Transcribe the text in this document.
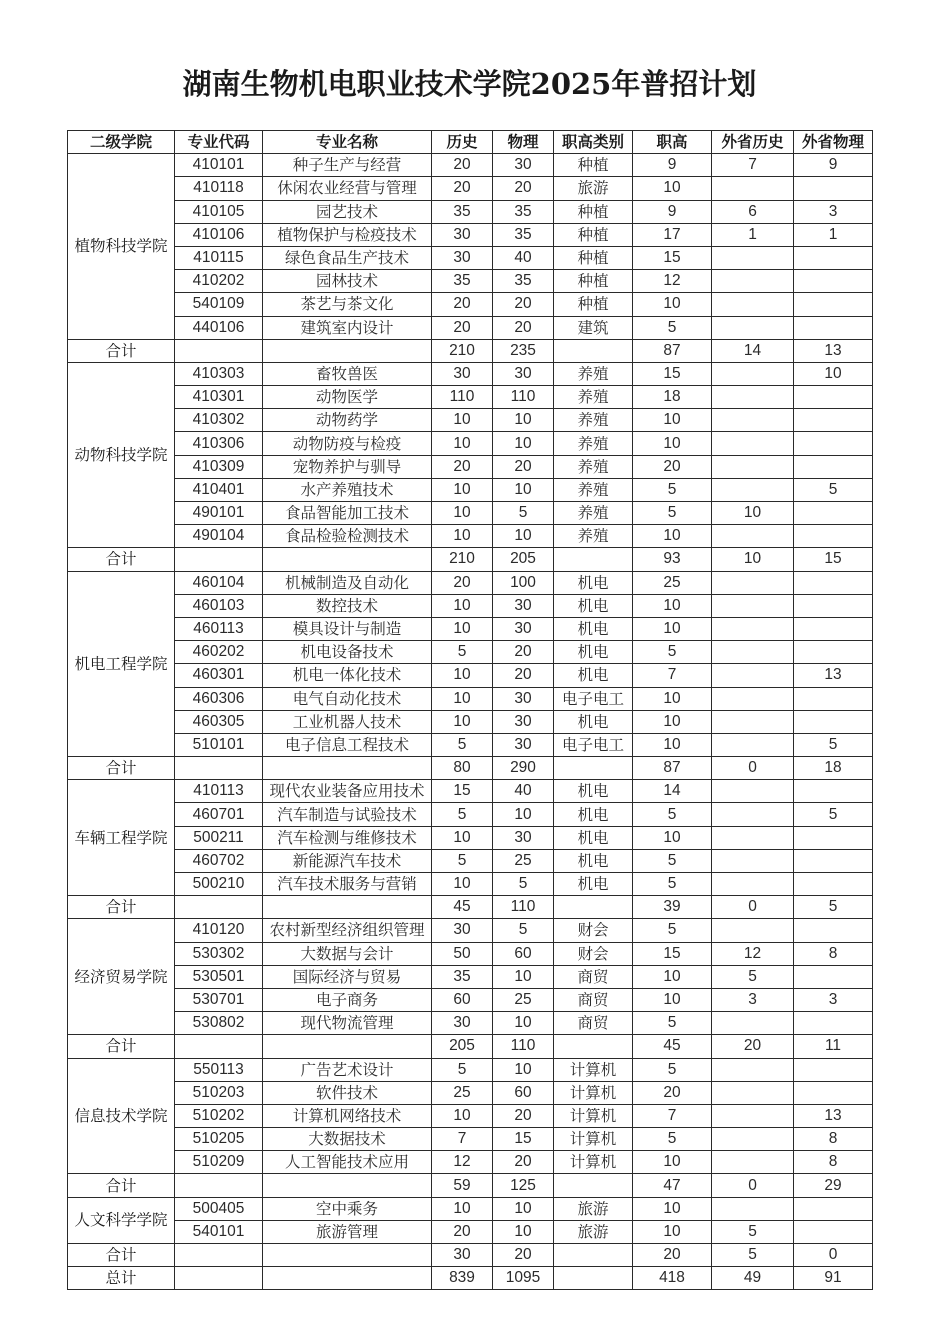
湖南生物机电职业技术学院2025年普招计划
二级学院	专业代码	专业名称	历史	物理	职高类别	职高	外省历史	外省物理
植物科技学院	410101	种子生产与经营	20	30	种植	9	7	9
	410118	休闲农业经营与管理	20	20	旅游	10		
	410105	园艺技术	35	35	种植	9	6	3
	410106	植物保护与检疫技术	30	35	种植	17	1	1
	410115	绿色食品生产技术	30	40	种植	15		
	410202	园林技术	35	35	种植	12		
	540109	茶艺与茶文化	20	20	种植	10		
	440106	建筑室内设计	20	20	建筑	5		
合计			210	235		87	14	13
动物科技学院	410303	畜牧兽医	30	30	养殖	15		10
	410301	动物医学	110	110	养殖	18		
	410302	动物药学	10	10	养殖	10		
	410306	动物防疫与检疫	10	10	养殖	10		
	410309	宠物养护与驯导	20	20	养殖	20		
	410401	水产养殖技术	10	10	养殖	5		5
	490101	食品智能加工技术	10	5	养殖	5	10	
	490104	食品检验检测技术	10	10	养殖	10		
合计			210	205		93	10	15
机电工程学院	460104	机械制造及自动化	20	100	机电	25		
	460103	数控技术	10	30	机电	10		
	460113	模具设计与制造	10	30	机电	10		
	460202	机电设备技术	5	20	机电	5		
	460301	机电一体化技术	10	20	机电	7		13
	460306	电气自动化技术	10	30	电子电工	10		
	460305	工业机器人技术	10	30	机电	10		
	510101	电子信息工程技术	5	30	电子电工	10		5
合计			80	290		87	0	18
车辆工程学院	410113	现代农业装备应用技术	15	40	机电	14		
	460701	汽车制造与试验技术	5	10	机电	5		5
	500211	汽车检测与维修技术	10	30	机电	10		
	460702	新能源汽车技术	5	25	机电	5		
	500210	汽车技术服务与营销	10	5	机电	5		
合计			45	110		39	0	5
经济贸易学院	410120	农村新型经济组织管理	30	5	财会	5		
	530302	大数据与会计	50	60	财会	15	12	8
	530501	国际经济与贸易	35	10	商贸	10	5	
	530701	电子商务	60	25	商贸	10	3	3
	530802	现代物流管理	30	10	商贸	5		
合计			205	110		45	20	11
信息技术学院	550113	广告艺术设计	5	10	计算机	5		
	510203	软件技术	25	60	计算机	20		
	510202	计算机网络技术	10	20	计算机	7		13
	510205	大数据技术	7	15	计算机	5		8
	510209	人工智能技术应用	12	20	计算机	10		8
合计			59	125		47	0	29
人文科学学院	500405	空中乘务	10	10	旅游	10		
	540101	旅游管理	20	10	旅游	10	5	
合计			30	20		20	5	0
总计			839	1095		418	49	91
